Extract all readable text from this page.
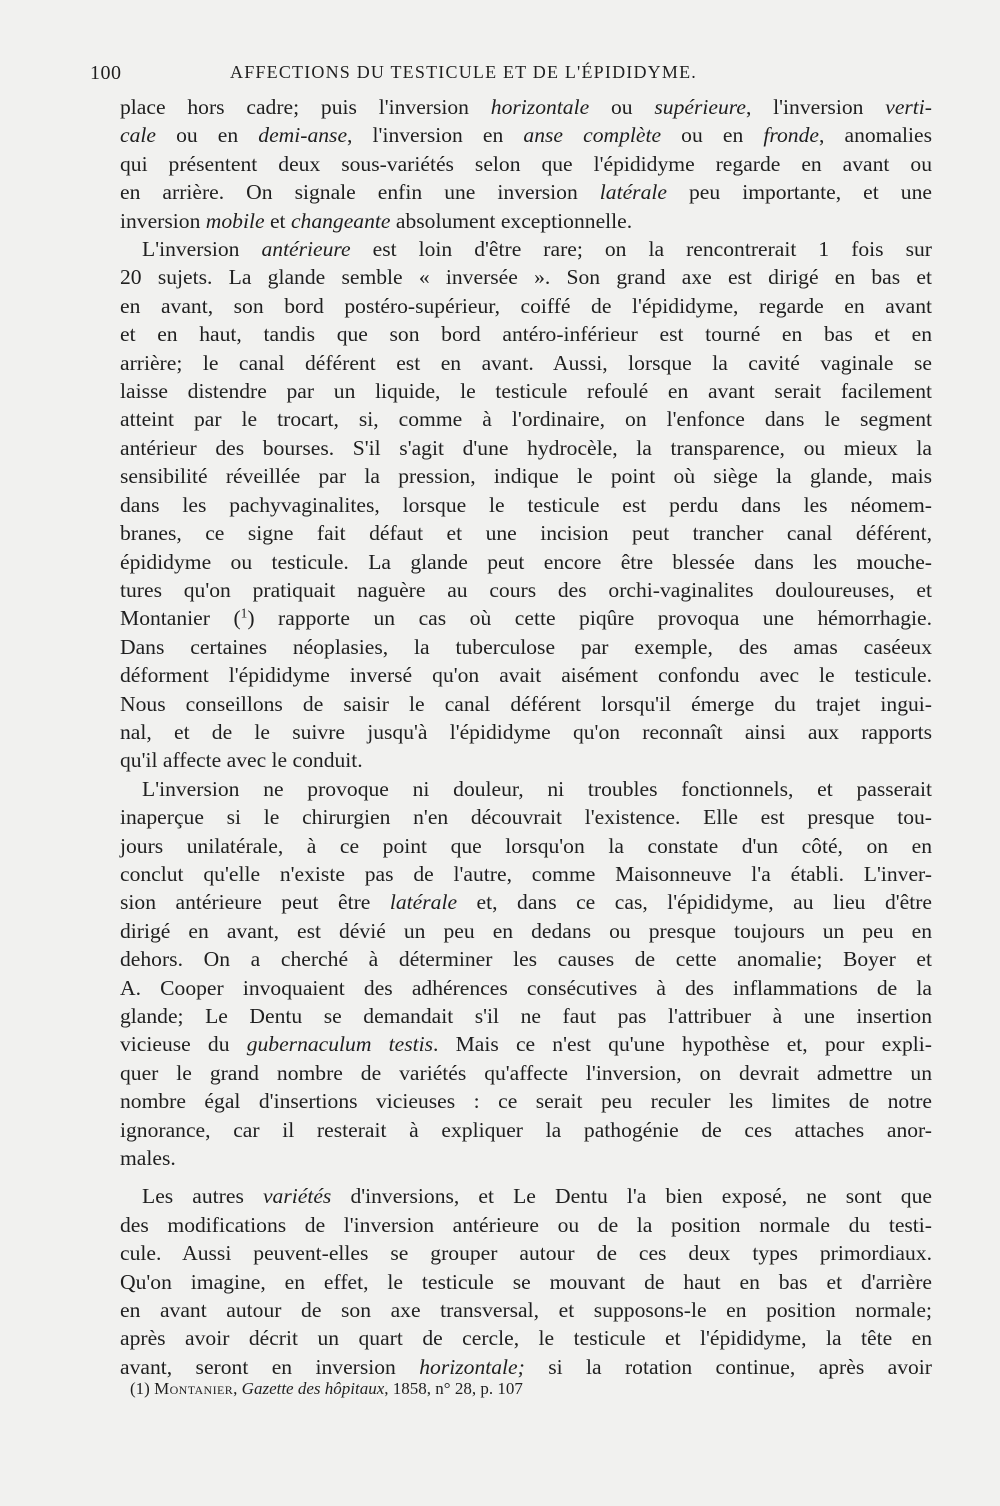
100	AFFECTIONS DU TESTICULE ET DE L'ÉPIDIDYME.

place hors cadre; puis l'inversion horizontale ou supérieure, l'inversion verti-
cale ou en demi-anse, l'inversion en anse complète ou en fronde, anomalies
qui présentent deux sous-variétés selon que l'épididyme regarde en avant ou
en arrière. On signale enfin une inversion latérale peu importante, et une
inversion mobile et changeante absolument exceptionnelle.

L'inversion antérieure est loin d'être rare; on la rencontrerait 1 fois sur
20 sujets. La glande semble « inversée ». Son grand axe est dirigé en bas et
en avant, son bord postéro-supérieur, coiffé de l'épididyme, regarde en avant
et en haut, tandis que son bord antéro-inférieur est tourné en bas et en
arrière; le canal déférent est en avant. Aussi, lorsque la cavité vaginale se
laisse distendre par un liquide, le testicule refoulé en avant serait facilement
atteint par le trocart, si, comme à l'ordinaire, on l'enfonce dans le segment
antérieur des bourses. S'il s'agit d'une hydrocèle, la transparence, ou mieux la
sensibilité réveillée par la pression, indique le point où siège la glande, mais
dans les pachyvaginalites, lorsque le testicule est perdu dans les néomem-
branes, ce signe fait défaut et une incision peut trancher canal déférent,
épididyme ou testicule. La glande peut encore être blessée dans les mouche-
tures qu'on pratiquait naguère au cours des orchi-vaginalites douloureuses, et
Montanier ($^1$) rapporte un cas où cette piqûre provoqua une hémorrhagie.
Dans certaines néoplasies, la tuberculose par exemple, des amas caséeux
déforment l'épididyme inversé qu'on avait aisément confondu avec le testicule.
Nous conseillons de saisir le canal déférent lorsqu'il émerge du trajet ingui-
nal, et de le suivre jusqu'à l'épididyme qu'on reconnaît ainsi aux rapports
qu'il affecte avec le conduit.

L'inversion ne provoque ni douleur, ni troubles fonctionnels, et passerait
inaperçue si le chirurgien n'en découvrait l'existence. Elle est presque tou-
jours unilatérale, à ce point que lorsqu'on la constate d'un côté, on en
conclut qu'elle n'existe pas de l'autre, comme Maisonneuve l'a établi. L'inver-
sion antérieure peut être latérale et, dans ce cas, l'épididyme, au lieu d'être
dirigé en avant, est dévié un peu en dedans ou presque toujours un peu en
dehors. On a cherché à déterminer les causes de cette anomalie; Boyer et
A. Cooper invoquaient des adhérences consécutives à des inflammations de la
glande; Le Dentu se demandait s'il ne faut pas l'attribuer à une insertion
vicieuse du gubernaculum testis. Mais ce n'est qu'une hypothèse et, pour expli-
quer le grand nombre de variétés qu'affecte l'inversion, on devrait admettre un
nombre égal d'insertions vicieuses : ce serait peu reculer les limites de notre
ignorance, car il resterait à expliquer la pathogénie de ces attaches anor-
males.

Les autres variétés d'inversions, et Le Dentu l'a bien exposé, ne sont que
des modifications de l'inversion antérieure ou de la position normale du testi-
cule. Aussi peuvent-elles se grouper autour de ces deux types primordiaux.
Qu'on imagine, en effet, le testicule se mouvant de haut en bas et d'arrière
en avant autour de son axe transversal, et supposons-le en position normale;
après avoir décrit un quart de cercle, le testicule et l'épididyme, la tête en
avant, seront en inversion horizontale; si la rotation continue, après avoir

(1) Montanier, Gazette des hôpitaux, 1858, n° 28, p. 107
